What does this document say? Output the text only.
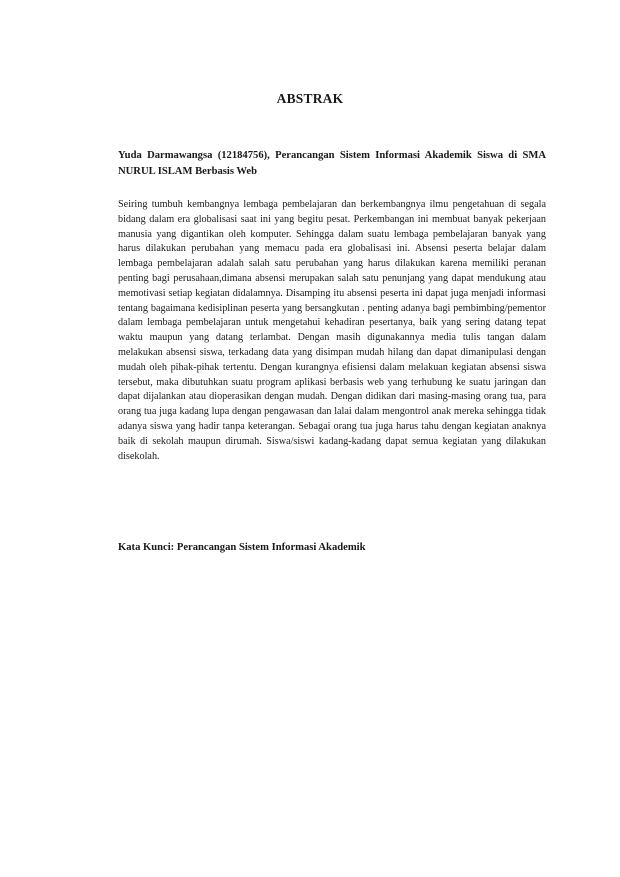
ABSTRAK
Yuda Darmawangsa (12184756), Perancangan Sistem Informasi Akademik Siswa di SMA NURUL ISLAM Berbasis Web

Seiring tumbuh kembangnya lembaga pembelajaran dan berkembangnya ilmu pengetahuan di segala bidang dalam era globalisasi saat ini yang begitu pesat. Perkembangan ini membuat banyak pekerjaan manusia yang digantikan oleh komputer. Sehingga dalam suatu lembaga pembelajaran banyak yang harus dilakukan perubahan yang memacu pada era globalisasi ini. Absensi peserta belajar dalam lembaga pembelajaran adalah salah satu perubahan yang harus dilakukan karena memiliki peranan penting bagi perusahaan,dimana absensi merupakan salah satu penunjang yang dapat mendukung atau memotivasi setiap kegiatan didalamnya. Disamping itu absensi peserta ini dapat juga menjadi informasi tentang bagaimana kedisiplinan peserta yang bersangkutan . penting adanya bagi pembimbing/pementor dalam lembaga pembelajaran untuk mengetahui kehadiran pesertanya, baik yang sering datang tepat waktu maupun yang datang terlambat. Dengan masih digunakannya media tulis tangan dalam melakukan absensi siswa, terkadang data yang disimpan mudah hilang dan dapat dimanipulasi dengan mudah oleh pihak-pihak tertentu. Dengan kurangnya efisiensi dalam melakuan kegiatan absensi siswa tersebut, maka dibutuhkan suatu program aplikasi berbasis web yang terhubung ke suatu jaringan dan dapat dijalankan atau dioperasikan dengan mudah. Dengan didikan dari masing-masing orang tua, para orang tua juga kadang lupa dengan pengawasan dan lalai dalam mengontrol anak mereka sehingga tidak adanya siswa yang hadir tanpa keterangan. Sebagai orang tua juga harus tahu dengan kegiatan anaknya baik di sekolah maupun dirumah. Siswa/siswi kadang-kadang dapat semua kegiatan yang dilakukan disekolah.

Kata Kunci: Perancangan Sistem Informasi Akademik
